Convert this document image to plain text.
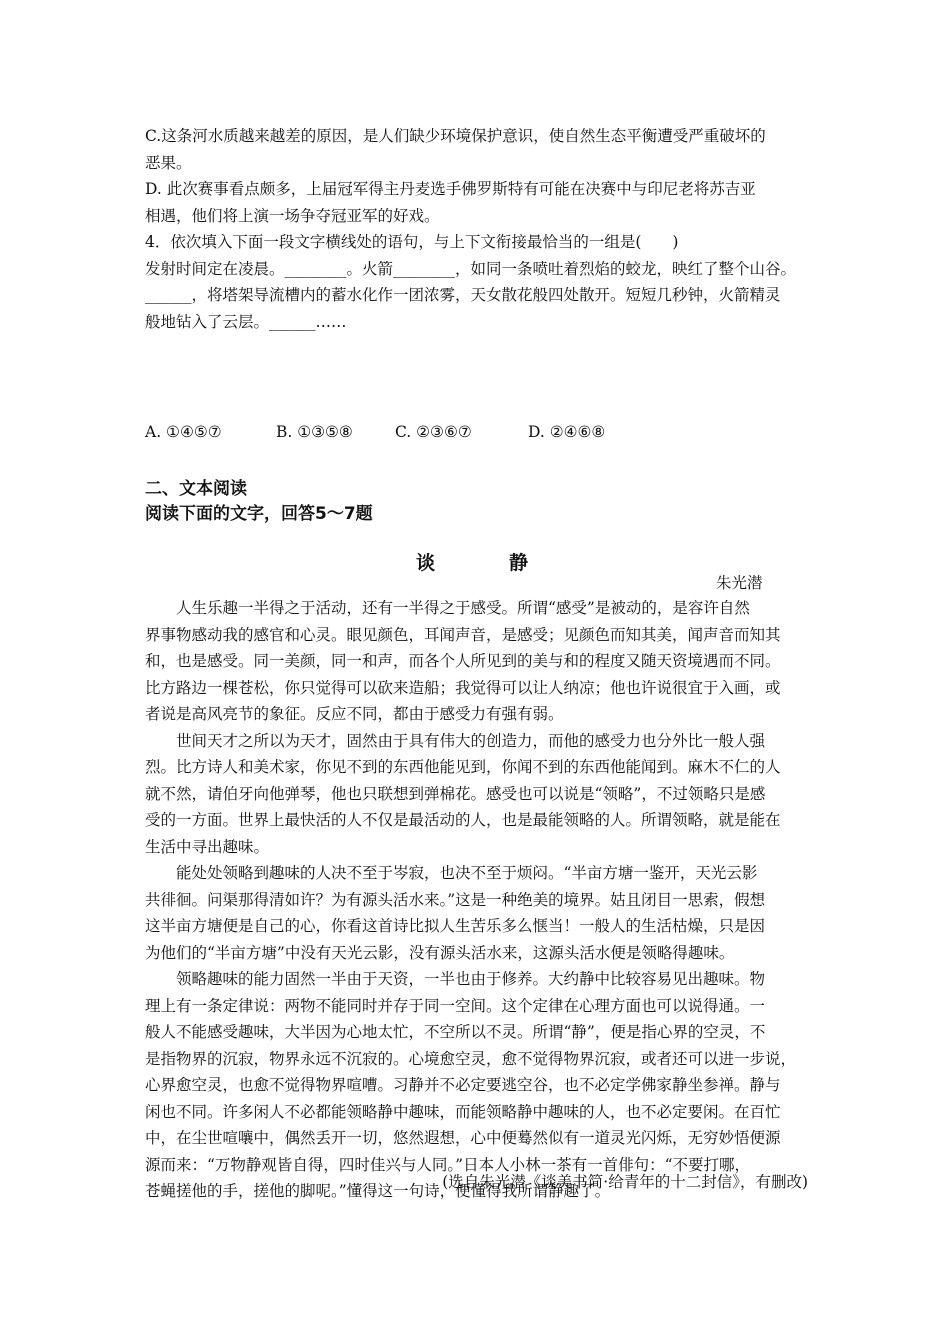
C.这条河水质越来越差的原因，是人们缺少环境保护意识，使自然生态平衡遭受严重破坏的
恶果。
D. 此次赛事看点颇多，上届冠军得主丹麦选手佛罗斯特有可能在决赛中与印尼老将苏吉亚
相遇，他们将上演一场争夺冠亚军的好戏。
4．依次填入下面一段文字横线处的语句，与上下文衔接最恰当的一组是(　　)
发射时间定在凌晨。________。火箭________，如同一条喷吐着烈焰的蛟龙，映红了整个山谷。
______，将塔架导流槽内的蓄水化作一团浓雾，天女散花般四处散开。短短几秒钟，火箭精灵
般地钻入了云层。______……
A. ①④⑤⑦	B. ①③⑤⑧	C. ②③⑥⑦	D. ②④⑥⑧
二、文本阅读
阅读下面的文字，回答5～7题
谈	静
朱光潜
人生乐趣一半得之于活动，还有一半得之于感受。所谓“感受”是被动的，是容许自然
界事物感动我的感官和心灵。眼见颜色，耳闻声音，是感受；见颜色而知其美，闻声音而知其
和，也是感受。同一美颜，同一和声，而各个人所见到的美与和的程度又随天资境遇而不同。
比方路边一棵苍松，你只觉得可以砍来造船；我觉得可以让人纳凉；他也许说很宜于入画，或
者说是高风亮节的象征。反应不同，都由于感受力有强有弱。
世间天才之所以为天才，固然由于具有伟大的创造力，而他的感受力也分外比一般人强
烈。比方诗人和美术家，你见不到的东西他能见到，你闻不到的东西他能闻到。麻木不仁的人
就不然，请伯牙向他弹琴，他也只联想到弹棉花。感受也可以说是“领略”，不过领略只是感
受的一方面。世界上最快活的人不仅是最活动的人，也是最能领略的人。所谓领略，就是能在
生活中寻出趣味。
能处处领略到趣味的人决不至于岑寂，也决不至于烦闷。“半亩方塘一鉴开，天光云影
共徘徊。问渠那得清如许？为有源头活水来。”这是一种绝美的境界。姑且闭目一思索，假想
这半亩方塘便是自己的心，你看这首诗比拟人生苦乐多么惬当！一般人的生活枯燥，只是因
为他们的“半亩方塘”中没有天光云影，没有源头活水来，这源头活水便是领略得趣味。
领略趣味的能力固然一半由于天资，一半也由于修养。大约静中比较容易见出趣味。物
理上有一条定律说：两物不能同时并存于同一空间。这个定律在心理方面也可以说得通。一
般人不能感受趣味，大半因为心地太忙，不空所以不灵。所谓“静”，便是指心界的空灵，不
是指物界的沉寂，物界永远不沉寂的。心境愈空灵，愈不觉得物界沉寂，或者还可以进一步说，
心界愈空灵，也愈不觉得物界喧嘈。习静并不必定要逃空谷，也不必定学佛家静坐参禅。静与
闲也不同。许多闲人不必都能领略静中趣味，而能领略静中趣味的人，也不必定要闲。在百忙
中，在尘世喧嚷中，偶然丢开一切，悠然遐想，心中便蓦然似有一道灵光闪烁，无穷妙悟便源
源而来：“万物静观皆自得，四时佳兴与人同。”日本人小林一茶有一首俳句：“不要打哪，
苍蝇搓他的手，搓他的脚呢。”懂得这一句诗，便懂得我所谓静趣了。
(选自朱光潜《谈美书简·给青年的十二封信》，有删改)
